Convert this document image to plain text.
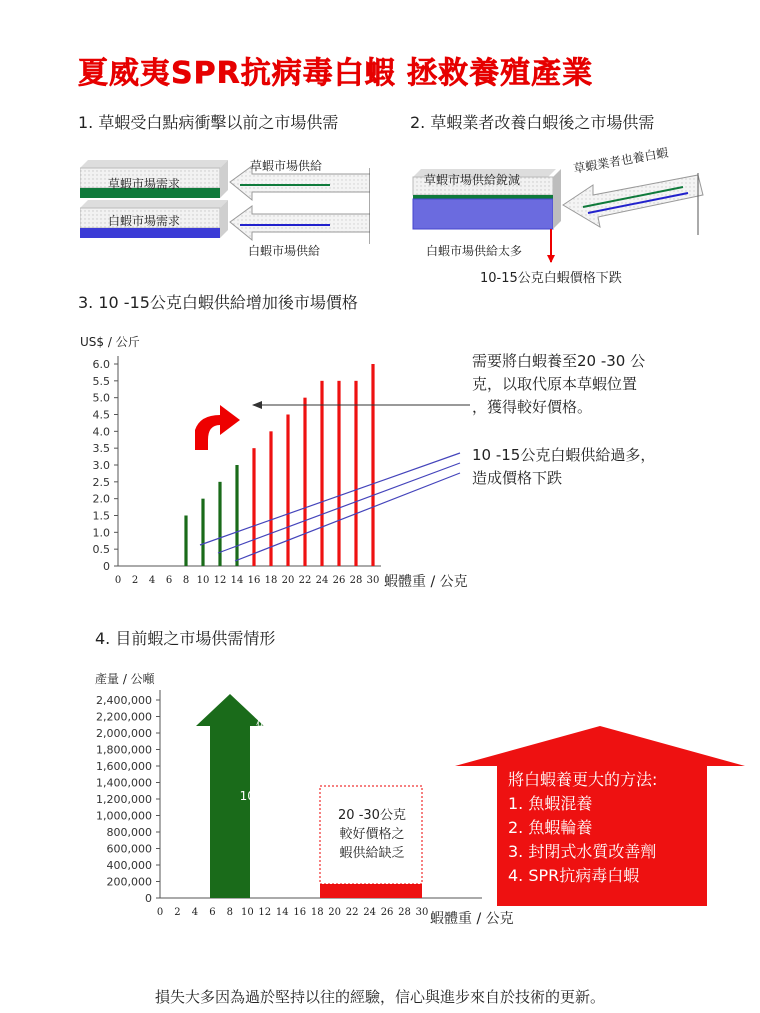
夏威夷SPR抗病毒白蝦 拯救養殖產業
1. 草蝦受白點病衝擊以前之市場供需
草蝦市場供給
草蝦市場需求
白蝦市場需求
白蝦市場供給
2. 草蝦業者改養白蝦後之市場供需
草蝦市場供給銳減
草蝦業者也養白蝦
白蝦市場供給太多
10-15公克白蝦價格下跌
3. 10 -15公克白蝦供給增加後市場價格
US$ / 公斤
蝦體重 / 公克
6.0
5.5
5.0
4.5
4.0
3.5
3.0
2.5
2.0
1.5
1.0
0.5
0
0 2 4 6 8 10 12 14 16 18 20 22 24 26 28 30
需要將白蝦養至20 -30 公
克，以取代原本草蝦位置
，獲得較好價格。
10 -15公克白蝦供給過多，
造成價格下跌
4. 目前蝦之市場供需情形
產量 / 公噸
蝦體重 / 公克
2,400,000
2,200,000
2,000,000
1,800,000
1,600,000
1,400,000
1,200,000
1,000,000
800,000
600,000
400,000
200,000
0
0 2 4 6 8 10 12 14 16 18 20 22 24 26 28 30
市場供給集中於
10-15
公克白蝦	20 -30公克
較好價格之
蝦供給缺乏
將白蝦養更大的方法:
1. 魚蝦混養
2. 魚蝦輪養
3. 封閉式水質改善劑
4. SPR抗病毒白蝦
損失大多因為過於堅持以往的經驗，信心與進步來自於技術的更新。
